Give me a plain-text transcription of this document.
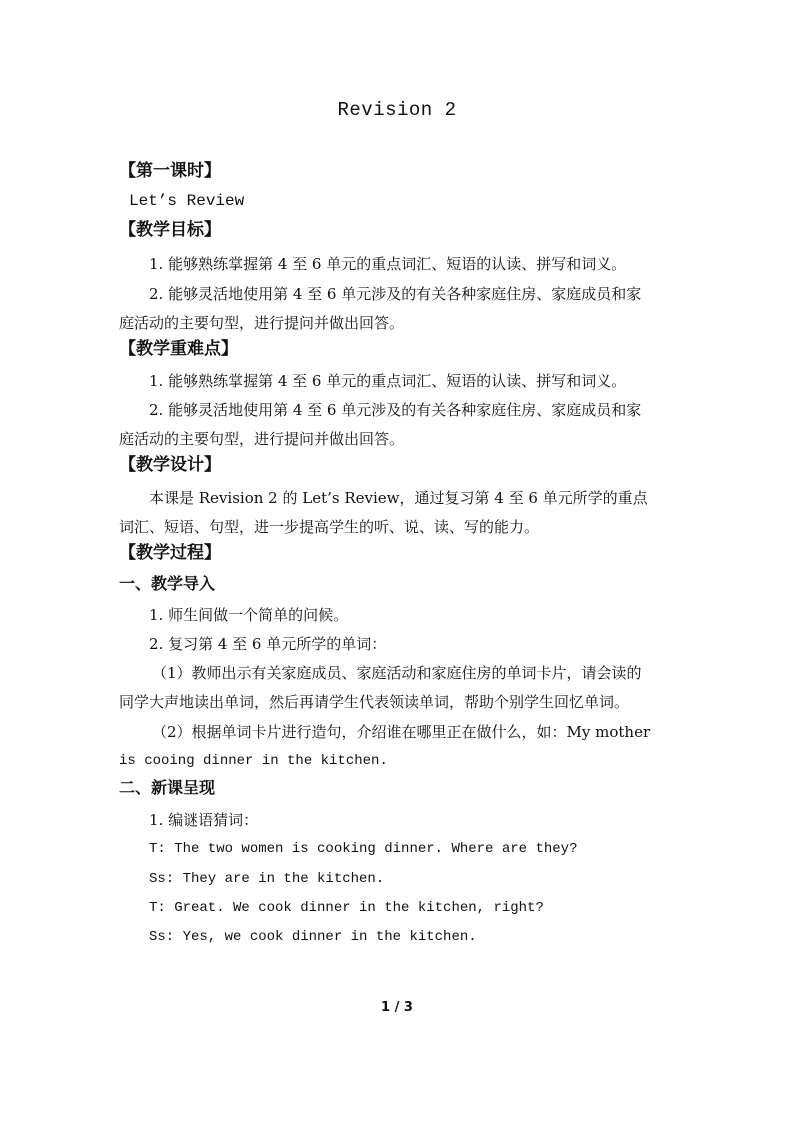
Revision 2
【第一课时】
Let’s Review
【教学目标】
1. 能够熟练掌握第 4 至 6 单元的重点词汇、短语的认读、拼写和词义。
2. 能够灵活地使用第 4 至 6 单元涉及的有关各种家庭住房、家庭成员和家
庭活动的主要句型，进行提问并做出回答。
【教学重难点】
1. 能够熟练掌握第 4 至 6 单元的重点词汇、短语的认读、拼写和词义。
2. 能够灵活地使用第 4 至 6 单元涉及的有关各种家庭住房、家庭成员和家
庭活动的主要句型，进行提问并做出回答。
【教学设计】
本课是 Revision 2 的 Let’s Review，通过复习第 4 至 6 单元所学的重点
词汇、短语、句型，进一步提高学生的听、说、读、写的能力。
【教学过程】
一、教学导入
1. 师生间做一个简单的问候。
2. 复习第 4 至 6 单元所学的单词：
（1）教师出示有关家庭成员、家庭活动和家庭住房的单词卡片，请会读的
同学大声地读出单词，然后再请学生代表领读单词，帮助个别学生回忆单词。
（2）根据单词卡片进行造句，介绍谁在哪里正在做什么，如：My mother
is cooing dinner in the kitchen.
二、新课呈现
1. 编谜语猜词：
T: The two women is cooking dinner. Where are they?
Ss: They are in the kitchen.
T: Great. We cook dinner in the kitchen, right?
Ss: Yes, we cook dinner in the kitchen.
1 / 3
